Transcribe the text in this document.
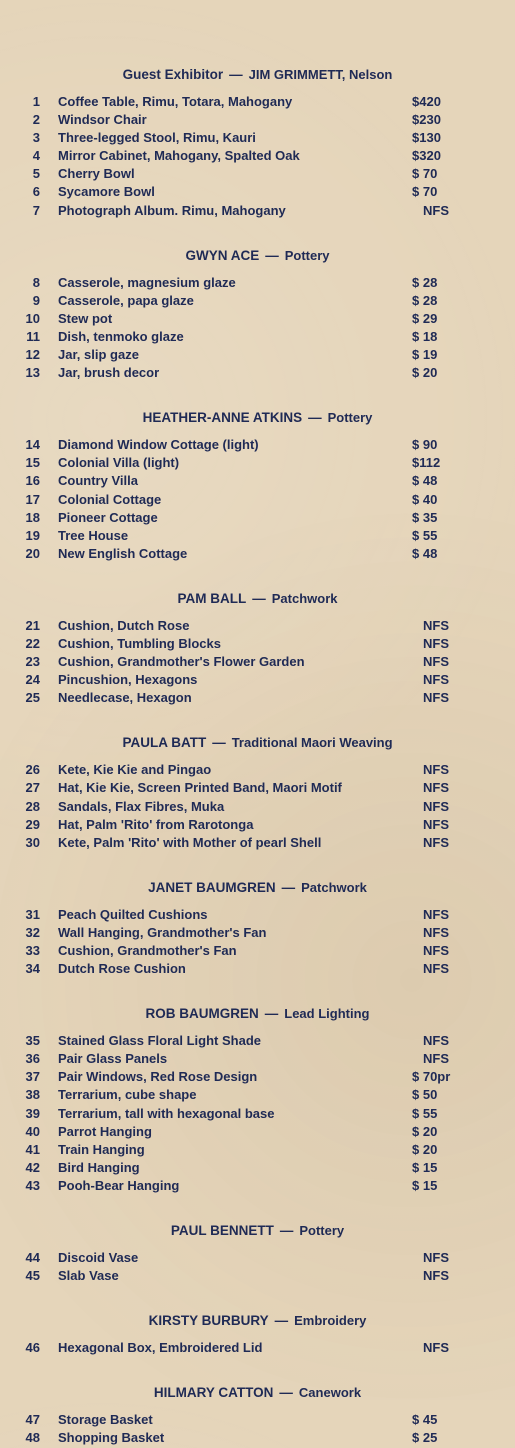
Guest Exhibitor — JIM GRIMMETT, Nelson
1 Coffee Table, Rimu, Totara, Mahogany	$420
2 Windsor Chair	$230
3 Three-legged Stool, Rimu, Kauri	$130
4 Mirror Cabinet, Mahogany, Spalted Oak	$320
5 Cherry Bowl	$ 70
6 Sycamore Bowl	$ 70
7 Photograph Album. Rimu, Mahogany	NFS
GWYN ACE — Pottery
8 Casserole, magnesium glaze	$ 28
9 Casserole, papa glaze	$ 28
10 Stew pot	$ 29
11 Dish, tenmoko glaze	$ 18
12 Jar, slip gaze	$ 19
13 Jar, brush decor	$ 20
HEATHER-ANNE ATKINS — Pottery
14 Diamond Window Cottage (light)	$ 90
15 Colonial Villa (light)	$112
16 Country Villa	$ 48
17 Colonial Cottage	$ 40
18 Pioneer Cottage	$ 35
19 Tree House	$ 55
20 New English Cottage	$ 48
PAM BALL — Patchwork
21 Cushion, Dutch Rose	NFS
22 Cushion, Tumbling Blocks	NFS
23 Cushion, Grandmother's Flower Garden	NFS
24 Pincushion, Hexagons	NFS
25 Needlecase, Hexagon	NFS
PAULA BATT — Traditional Maori Weaving
26 Kete, Kie Kie and Pingao	NFS
27 Hat, Kie Kie, Screen Printed Band, Maori Motif	NFS
28 Sandals, Flax Fibres, Muka	NFS
29 Hat, Palm 'Rito' from Rarotonga	NFS
30 Kete, Palm 'Rito' with Mother of pearl Shell	NFS
JANET BAUMGREN — Patchwork
31 Peach Quilted Cushions	NFS
32 Wall Hanging, Grandmother's Fan	NFS
33 Cushion, Grandmother's Fan	NFS
34 Dutch Rose Cushion	NFS
ROB BAUMGREN — Lead Lighting
35 Stained Glass Floral Light Shade	NFS
36 Pair Glass Panels	NFS
37 Pair Windows, Red Rose Design	$ 70pr
38 Terrarium, cube shape	$ 50
39 Terrarium, tall with hexagonal base	$ 55
40 Parrot Hanging	$ 20
41 Train Hanging	$ 20
42 Bird Hanging	$ 15
43 Pooh-Bear Hanging	$ 15
PAUL BENNETT — Pottery
44 Discoid Vase	NFS
45 Slab Vase	NFS
KIRSTY BURBURY — Embroidery
46 Hexagonal Box, Embroidered Lid	NFS
HILMARY CATTON — Canework
47 Storage Basket	$ 45
48 Shopping Basket	$ 25
